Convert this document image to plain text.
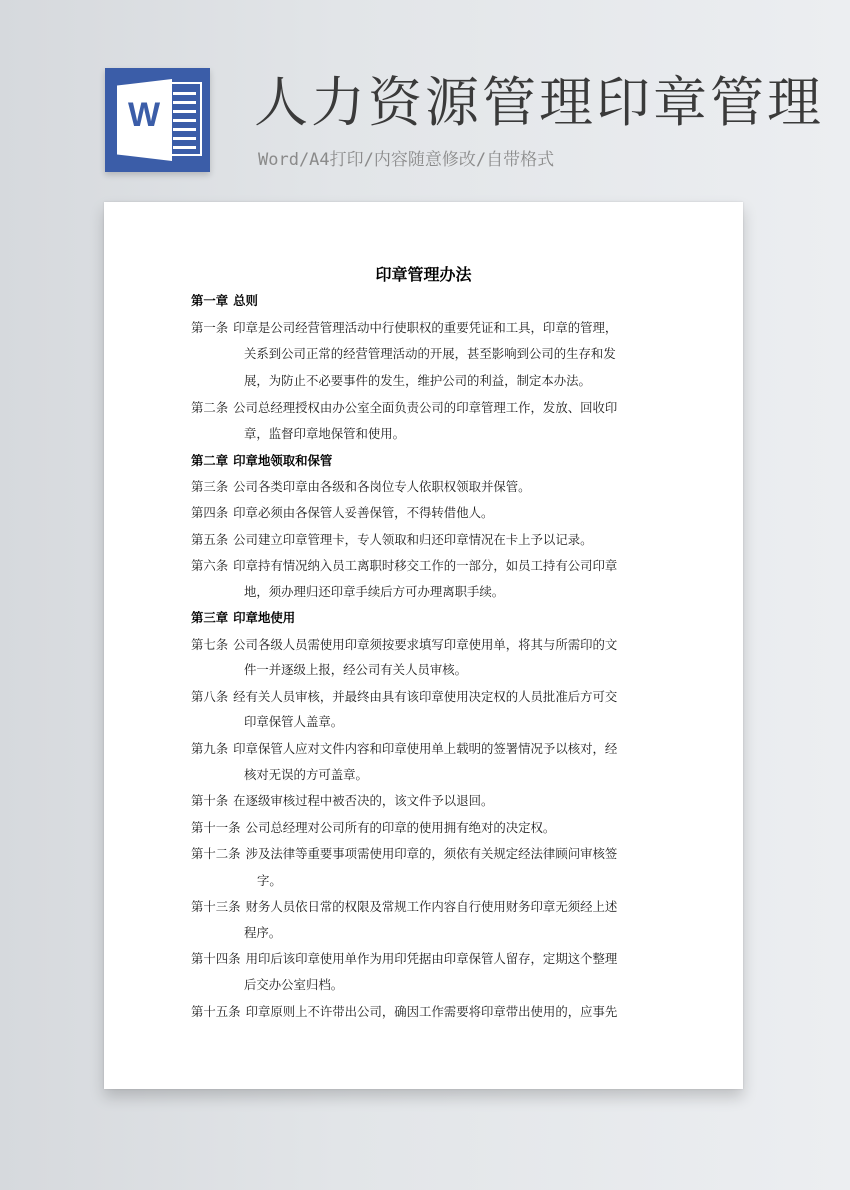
W 人力资源管理印章管理
Word/A4打印/内容随意修改/自带格式
印章管理办法
第一章 总则
第一条 印章是公司经营管理活动中行使职权的重要凭证和工具，印章的管理，
关系到公司正常的经营管理活动的开展，甚至影响到公司的生存和发
展，为防止不必要事件的发生，维护公司的利益，制定本办法。
第二条 公司总经理授权由办公室全面负责公司的印章管理工作，发放、回收印
章，监督印章地保管和使用。
第二章 印章地领取和保管
第三条 公司各类印章由各级和各岗位专人依职权领取并保管。
第四条 印章必须由各保管人妥善保管，不得转借他人。
第五条 公司建立印章管理卡，专人领取和归还印章情况在卡上予以记录。
第六条 印章持有情况纳入员工离职时移交工作的一部分，如员工持有公司印章
地，须办理归还印章手续后方可办理离职手续。
第三章 印章地使用
第七条 公司各级人员需使用印章须按要求填写印章使用单，将其与所需印的文
件一并逐级上报，经公司有关人员审核。
第八条 经有关人员审核，并最终由具有该印章使用决定权的人员批准后方可交
印章保管人盖章。
第九条 印章保管人应对文件内容和印章使用单上载明的签署情况予以核对，经
核对无误的方可盖章。
第十条 在逐级审核过程中被否决的，该文件予以退回。
第十一条 公司总经理对公司所有的印章的使用拥有绝对的决定权。
第十二条 涉及法律等重要事项需使用印章的，须依有关规定经法律顾问审核签
字。
第十三条 财务人员依日常的权限及常规工作内容自行使用财务印章无须经上述
程序。
第十四条 用印后该印章使用单作为用印凭据由印章保管人留存，定期这个整理
后交办公室归档。
第十五条 印章原则上不许带出公司，确因工作需要将印章带出使用的，应事先
